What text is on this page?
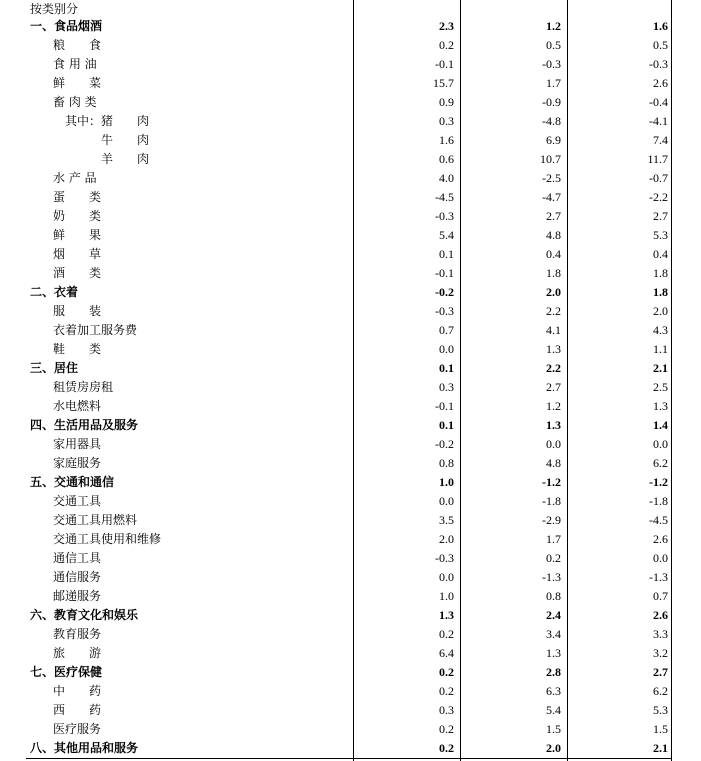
按类别分
一、食品烟酒	2.3	1.2	1.6
粮　　食	0.2	0.5	0.5
食 用 油	-0.1	-0.3	-0.3
鲜　　菜	15.7	1.7	2.6
畜 肉 类	0.9	-0.9	-0.4
其中：猪　　肉	0.3	-4.8	-4.1
牛　　肉	1.6	6.9	7.4
羊　　肉	0.6	10.7	11.7
水 产 品	4.0	-2.5	-0.7
蛋　　类	-4.5	-4.7	-2.2
奶　　类	-0.3	2.7	2.7
鲜　　果	5.4	4.8	5.3
烟　　草	0.1	0.4	0.4
酒　　类	-0.1	1.8	1.8
二、衣着	-0.2	2.0	1.8
服　　装	-0.3	2.2	2.0
衣着加工服务费	0.7	4.1	4.3
鞋　　类	0.0	1.3	1.1
三、居住	0.1	2.2	2.1
租赁房房租	0.3	2.7	2.5
水电燃料	-0.1	1.2	1.3
四、生活用品及服务	0.1	1.3	1.4
家用器具	-0.2	0.0	0.0
家庭服务	0.8	4.8	6.2
五、交通和通信	1.0	-1.2	-1.2
交通工具	0.0	-1.8	-1.8
交通工具用燃料	3.5	-2.9	-4.5
交通工具使用和维修	2.0	1.7	2.6
通信工具	-0.3	0.2	0.0
通信服务	0.0	-1.3	-1.3
邮递服务	1.0	0.8	0.7
六、教育文化和娱乐	1.3	2.4	2.6
教育服务	0.2	3.4	3.3
旅　　游	6.4	1.3	3.2
七、医疗保健	0.2	2.8	2.7
中　　药	0.2	6.3	6.2
西　　药	0.3	5.4	5.3
医疗服务	0.2	1.5	1.5
八、其他用品和服务	0.2	2.0	2.1
